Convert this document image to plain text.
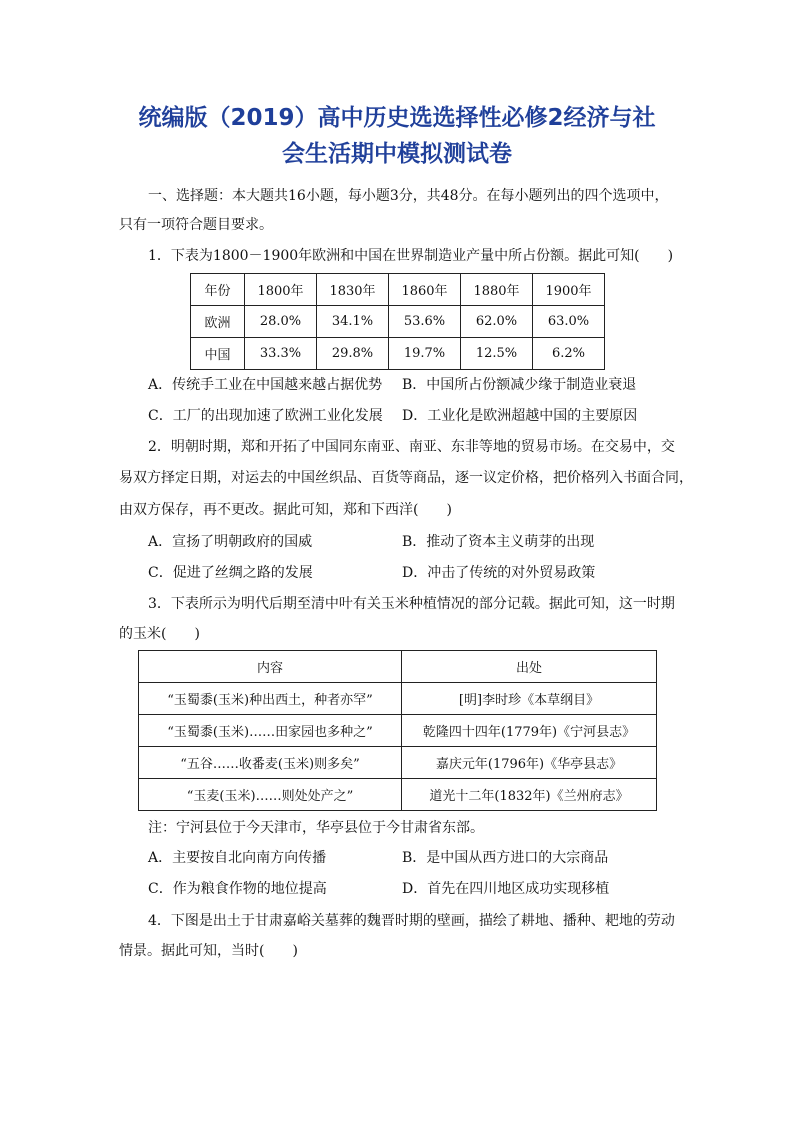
统编版（2019）高中历史选选择性必修2经济与社
会生活期中模拟测试卷
一、选择题：本大题共16小题，每小题3分，共48分。在每小题列出的四个选项中，
只有一项符合题目要求。
1．下表为1800－1900年欧洲和中国在世界制造业产量中所占份额。据此可知(　　)
年份	1800年	1830年	1860年	1880年	1900年
欧洲	28.0%	34.1%	53.6%	62.0%	63.0%
中国	33.3%	29.8%	19.7%	12.5%	6.2%
A．传统手工业在中国越来越占据优势 B．中国所占份额减少缘于制造业衰退
C．工厂的出现加速了欧洲工业化发展 D．工业化是欧洲超越中国的主要原因
2．明朝时期，郑和开拓了中国同东南亚、南亚、东非等地的贸易市场。在交易中，交
易双方择定日期，对运去的中国丝织品、百货等商品，逐一议定价格，把价格列入书面合同，
由双方保存，再不更改。据此可知，郑和下西洋(　　)
A．宣扬了明朝政府的国威	B．推动了资本主义萌芽的出现
C．促进了丝绸之路的发展	D．冲击了传统的对外贸易政策
3．下表所示为明代后期至清中叶有关玉米种植情况的部分记载。据此可知，这一时期
的玉米(　　)
内容	出处
“玉蜀黍(玉米)种出西土，种者亦罕”	[明]李时珍《本草纲目》
“玉蜀黍(玉米)……田家园也多种之”	乾隆四十四年(1779年)《宁河县志》
“五谷……收番麦(玉米)则多矣”	嘉庆元年(1796年)《华亭县志》
“玉麦(玉米)……则处处产之”	道光十二年(1832年)《兰州府志》
注：宁河县位于今天津市，华亭县位于今甘肃省东部。
A．主要按自北向南方向传播	B．是中国从西方进口的大宗商品
C．作为粮食作物的地位提高	D．首先在四川地区成功实现移植
4．下图是出土于甘肃嘉峪关墓葬的魏晋时期的壁画，描绘了耕地、播种、耙地的劳动
情景。据此可知，当时(　　)
